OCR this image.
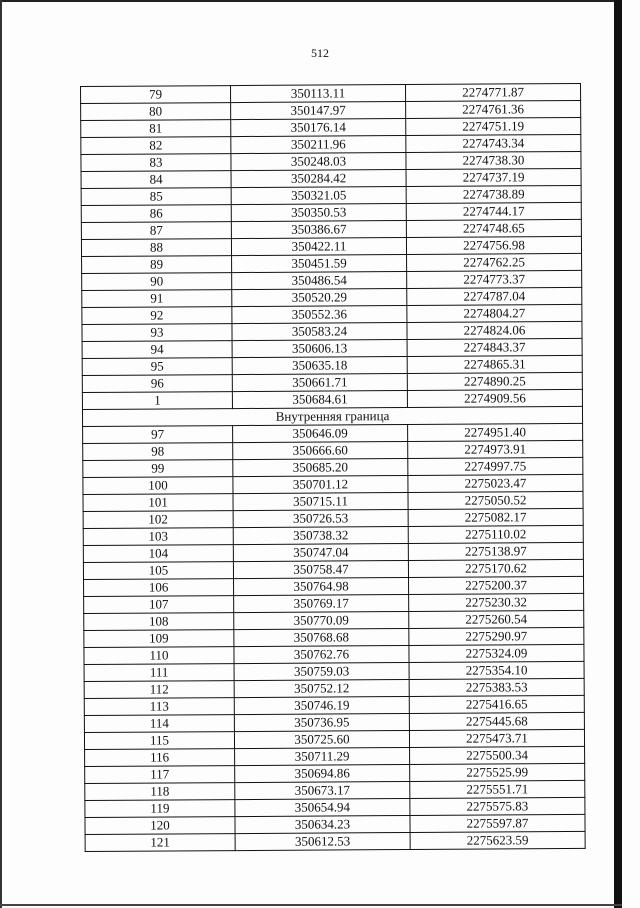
512
79	350113.11	2274771.87
80	350147.97	2274761.36
81	350176.14	2274751.19
82	350211.96	2274743.34
83	350248.03	2274738.30
84	350284.42	2274737.19
85	350321.05	2274738.89
86	350350.53	2274744.17
87	350386.67	2274748.65
88	350422.11	2274756.98
89	350451.59	2274762.25
90	350486.54	2274773.37
91	350520.29	2274787.04
92	350552.36	2274804.27
93	350583.24	2274824.06
94	350606.13	2274843.37
95	350635.18	2274865.31
96	350661.71	2274890.25
1	350684.61	2274909.56
Внутренняя граница		
97	350646.09	2274951.40
98	350666.60	2274973.91
99	350685.20	2274997.75
100	350701.12	2275023.47
101	350715.11	2275050.52
102	350726.53	2275082.17
103	350738.32	2275110.02
104	350747.04	2275138.97
105	350758.47	2275170.62
106	350764.98	2275200.37
107	350769.17	2275230.32
108	350770.09	2275260.54
109	350768.68	2275290.97
110	350762.76	2275324.09
111	350759.03	2275354.10
112	350752.12	2275383.53
113	350746.19	2275416.65
114	350736.95	2275445.68
115	350725.60	2275473.71
116	350711.29	2275500.34
117	350694.86	2275525.99
118	350673.17	2275551.71
119	350654.94	2275575.83
120	350634.23	2275597.87
121	350612.53	2275623.59
